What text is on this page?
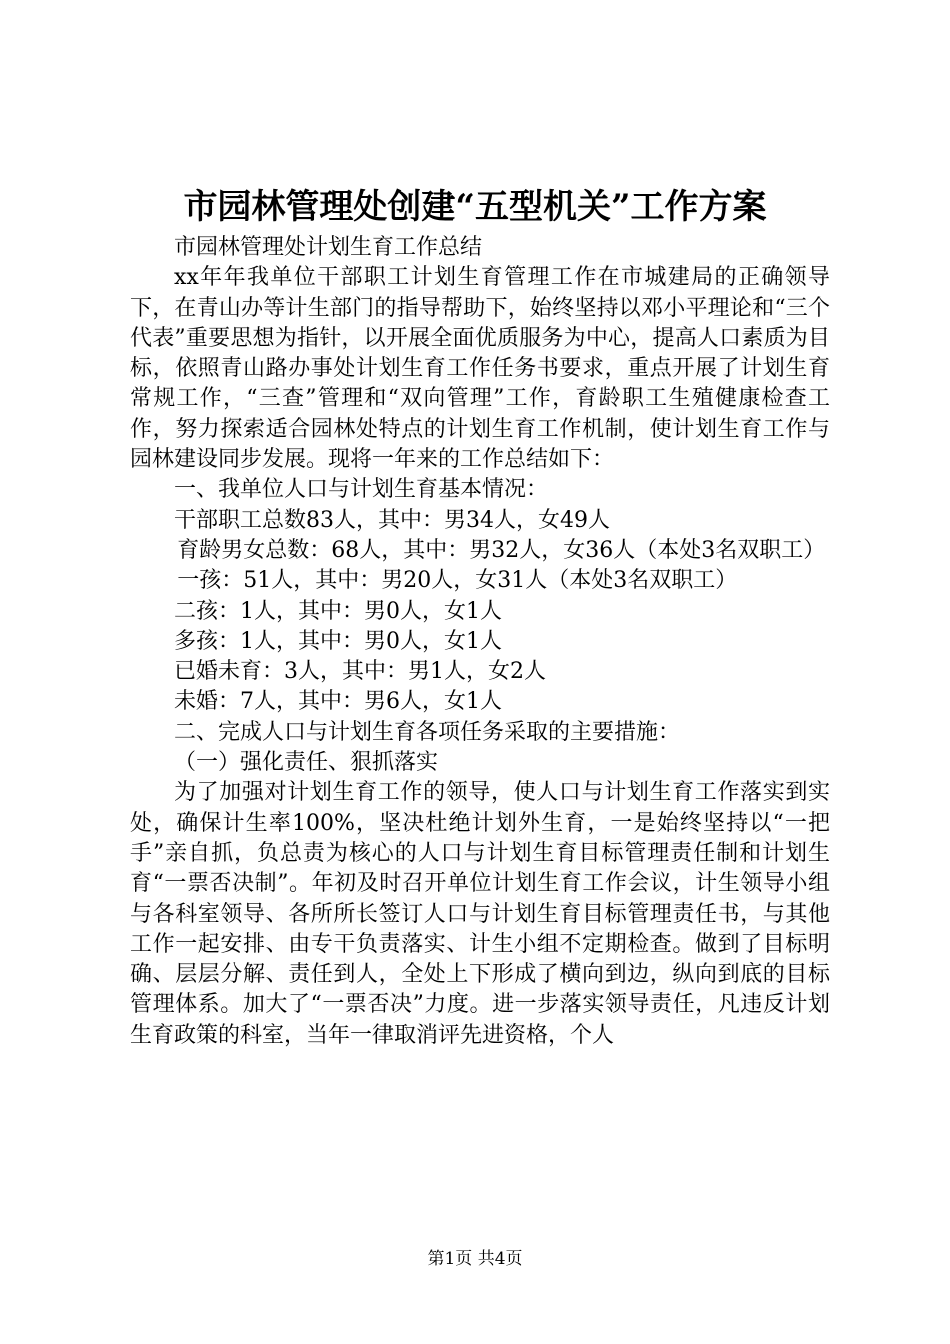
市园林管理处创建“五型机关”工作方案

市园林管理处计划生育工作总结

xx年年我单位干部职工计划生育管理工作在市城建局的正确领导下，在青山办等计生部门的指导帮助下，始终坚持以邓小平理论和“三个代表”重要思想为指针，以开展全面优质服务为中心，提高人口素质为目标，依照青山路办事处计划生育工作任务书要求，重点开展了计划生育常规工作，“三查”管理和“双向管理”工作，育龄职工生殖健康检查工作，努力探索适合园林处特点的计划生育工作机制，使计划生育工作与园林建设同步发展。现将一年来的工作总结如下：

一、我单位人口与计划生育基本情况：

干部职工总数83人，其中：男34人，女49人

育龄男女总数：68人，其中：男32人，女36人（本处3名双职工）

一孩：51人，其中：男20人，女31人（本处3名双职工）

二孩：1人，其中：男0人，女1人

多孩：1人，其中：男0人，女1人

已婚未育：3人，其中：男1人，女2人

未婚：7人，其中：男6人，女1人

二、完成人口与计划生育各项任务采取的主要措施：

（一）强化责任、狠抓落实

为了加强对计划生育工作的领导，使人口与计划生育工作落实到实处，确保计生率100%，坚决杜绝计划外生育，一是始终坚持以“一把手”亲自抓，负总责为核心的人口与计划生育目标管理责任制和计划生育“一票否决制”。年初及时召开单位计划生育工作会议，计生领导小组与各科室领导、各所所长签订人口与计划生育目标管理责任书，与其他工作一起安排、由专干负责落实、计生小组不定期检查。做到了目标明确、层层分解、责任到人，全处上下形成了横向到边，纵向到底的目标管理体系。加大了“一票否决”力度。进一步落实领导责任，凡违反计划生育政策的科室，当年一律取消评先进资格，个人

第1页 共4页
